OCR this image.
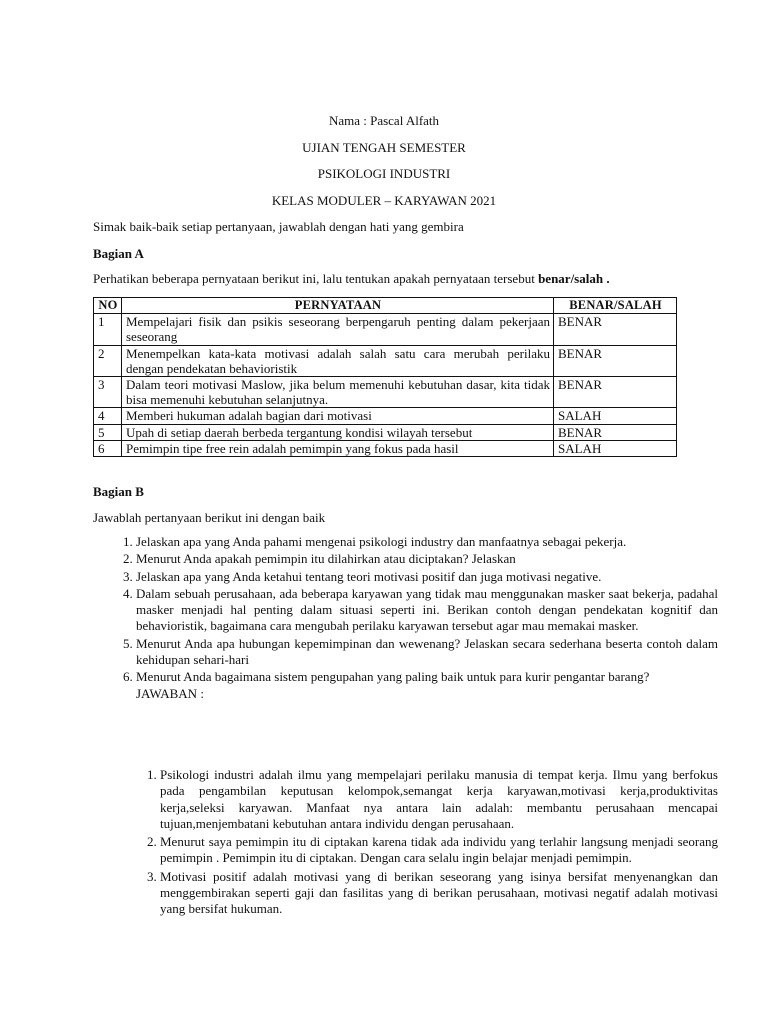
Nama : Pascal Alfath
UJIAN TENGAH SEMESTER
PSIKOLOGI INDUSTRI
KELAS MODULER – KARYAWAN 2021

Simak baik-baik setiap pertanyaan, jawablah dengan hati yang gembira

Bagian A

Perhatikan beberapa pernyataan berikut ini, lalu tentukan apakah pernyataan tersebut benar/salah .

NO	PERNYATAAN	BENAR/SALAH
1	Mempelajari fisik dan psikis seseorang berpengaruh penting dalam pekerjaan seseorang	BENAR
2	Menempelkan kata-kata motivasi adalah salah satu cara merubah perilaku dengan pendekatan behavioristik	BENAR
3	Dalam teori motivasi Maslow, jika belum memenuhi kebutuhan dasar, kita tidak bisa memenuhi kebutuhan selanjutnya.	BENAR
4	Memberi hukuman adalah bagian dari motivasi	SALAH
5	Upah di setiap daerah berbeda tergantung kondisi wilayah tersebut	BENAR
6	Pemimpin tipe free rein adalah pemimpin yang fokus pada hasil	SALAH

Bagian B

Jawablah pertanyaan berikut ini dengan baik

1. Jelaskan apa yang Anda pahami mengenai psikologi industry dan manfaatnya sebagai pekerja.
2. Menurut Anda apakah pemimpin itu dilahirkan atau diciptakan? Jelaskan
3. Jelaskan apa yang Anda ketahui tentang teori motivasi positif dan juga motivasi negative.
4. Dalam sebuah perusahaan, ada beberapa karyawan yang tidak mau menggunakan masker saat bekerja, padahal masker menjadi hal penting dalam situasi seperti ini. Berikan contoh dengan pendekatan kognitif dan behavioristik, bagaimana cara mengubah perilaku karyawan tersebut agar mau memakai masker.
5. Menurut Anda apa hubungan kepemimpinan dan wewenang? Jelaskan secara sederhana beserta contoh dalam kehidupan sehari-hari
6. Menurut Anda bagaimana sistem pengupahan yang paling baik untuk para kurir pengantar barang?
JAWABAN :
1. Psikologi industri adalah ilmu yang mempelajari perilaku manusia di tempat kerja. Ilmu yang berfokus pada pengambilan keputusan kelompok,semangat kerja karyawan,motivasi kerja,produktivitas kerja,seleksi karyawan. Manfaat nya antara lain adalah: membantu perusahaan mencapai tujuan,menjembatani kebutuhan antara individu dengan perusahaan.
2. Menurut saya pemimpin itu di ciptakan karena tidak ada individu yang terlahir langsung menjadi seorang pemimpin . Pemimpin itu di ciptakan. Dengan cara selalu ingin belajar menjadi pemimpin.
3. Motivasi positif adalah motivasi yang di berikan seseorang yang isinya bersifat menyenangkan dan menggembirakan seperti gaji dan fasilitas yang di berikan perusahaan, motivasi negatif adalah motivasi yang bersifat hukuman.
